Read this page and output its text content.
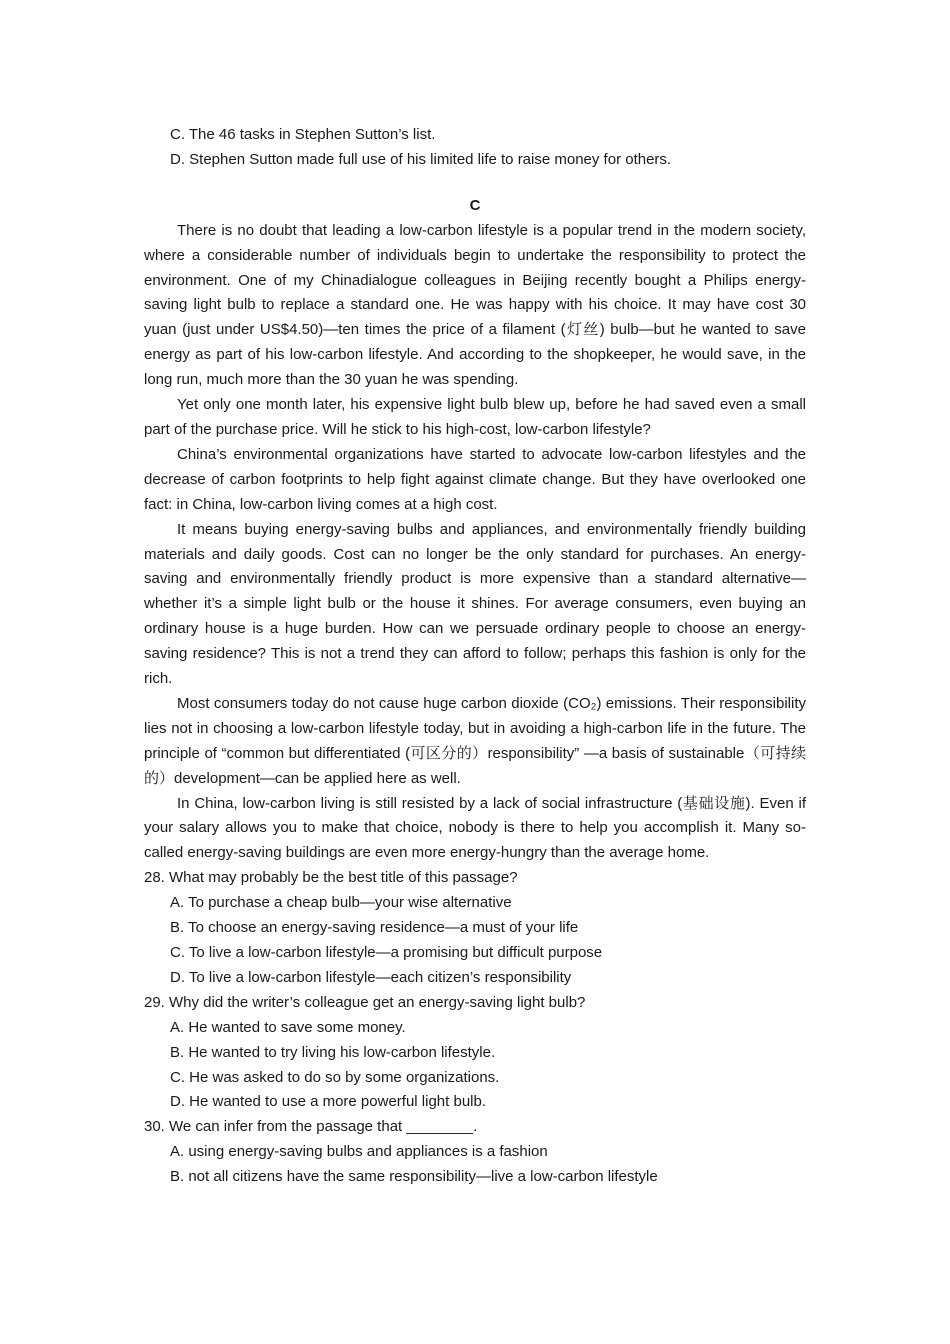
C. The 46 tasks in Stephen Sutton’s list.
D. Stephen Sutton made full use of his limited life to raise money for others.
C

There is no doubt that leading a low-carbon lifestyle is a popular trend in the modern society, where a considerable number of individuals begin to undertake the responsibility to protect the environment. One of my Chinadialogue colleagues in Beijing recently bought a Philips energy-saving light bulb to replace a standard one. He was happy with his choice. It may have cost 30 yuan (just under US$4.50)—ten times the price of a filament (灯丝) bulb—but he wanted to save energy as part of his low-carbon lifestyle. And according to the shopkeeper, he would save, in the long run, much more than the 30 yuan he was spending.

Yet only one month later, his expensive light bulb blew up, before he had saved even a small part of the purchase price. Will he stick to his high-cost, low-carbon lifestyle?

China’s environmental organizations have started to advocate low-carbon lifestyles and the decrease of carbon footprints to help fight against climate change. But they have overlooked one fact: in China, low-carbon living comes at a high cost.

It means buying energy-saving bulbs and appliances, and environmentally friendly building materials and daily goods. Cost can no longer be the only standard for purchases. An energy-saving and environmentally friendly product is more expensive than a standard alternative—whether it’s a simple light bulb or the house it shines. For average consumers, even buying an ordinary house is a huge burden. How can we persuade ordinary people to choose an energy-saving residence? This is not a trend they can afford to follow; perhaps this fashion is only for the rich.

Most consumers today do not cause huge carbon dioxide (CO₂) emissions. Their responsibility lies not in choosing a low-carbon lifestyle today, but in avoiding a high-carbon life in the future. The principle of “common but differentiated (可区分的）responsibility” —a basis of sustainable（可持续的）development—can be applied here as well.

In China, low-carbon living is still resisted by a lack of social infrastructure (基础设施). Even if your salary allows you to make that choice, nobody is there to help you accomplish it. Many so-called energy-saving buildings are even more energy-hungry than the average home.

28. What may probably be the best title of this passage?
A. To purchase a cheap bulb—your wise alternative
B. To choose an energy-saving residence—a must of your life
C. To live a low-carbon lifestyle—a promising but difficult purpose
D. To live a low-carbon lifestyle—each citizen’s responsibility
29. Why did the writer’s colleague get an energy-saving light bulb?
A. He wanted to save some money.
B. He wanted to try living his low-carbon lifestyle.
C. He was asked to do so by some organizations.
D. He wanted to use a more powerful light bulb.
30. We can infer from the passage that ________.
A. using energy-saving bulbs and appliances is a fashion
B. not all citizens have the same responsibility—live a low-carbon lifestyle
